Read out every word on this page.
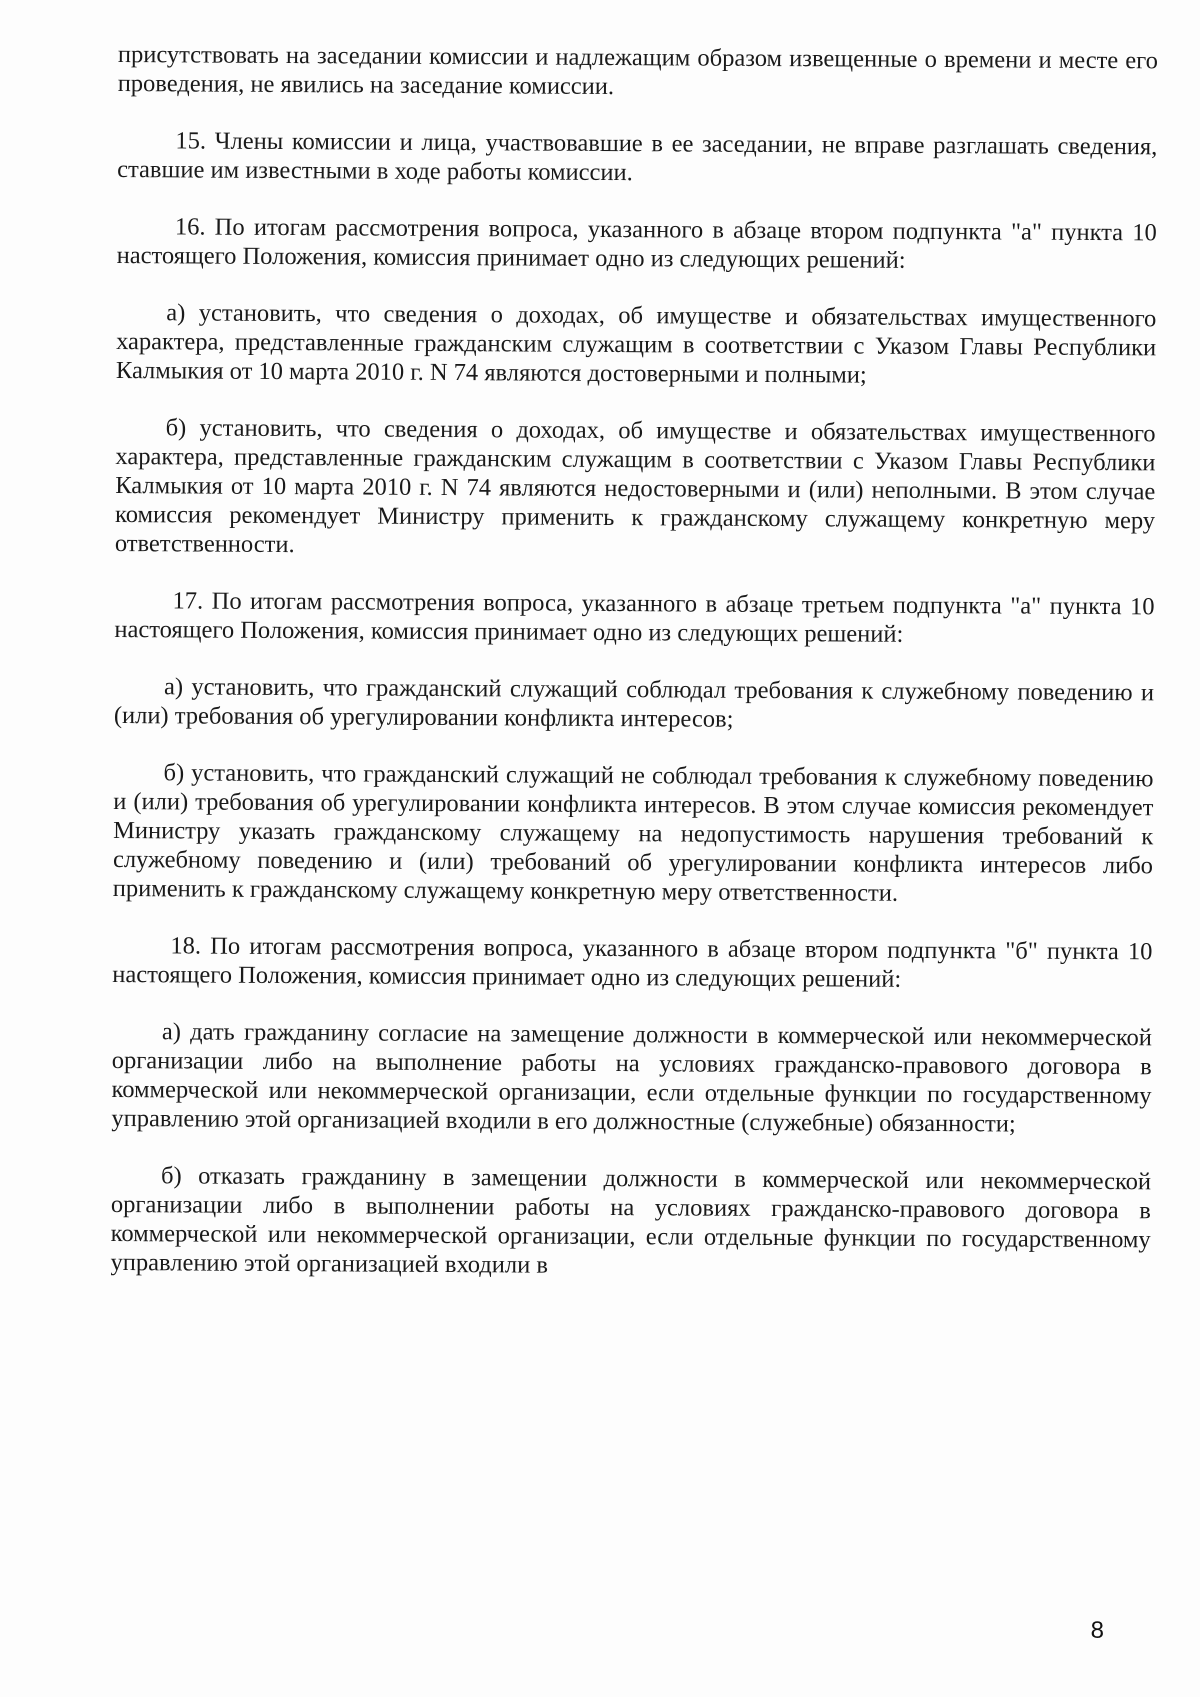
присутствовать на заседании комиссии и надлежащим образом извещенные о времени и месте его проведения, не явились на заседание комиссии.

15. Члены комиссии и лица, участвовавшие в ее заседании, не вправе разглашать сведения, ставшие им известными в ходе работы комиссии.

16. По итогам рассмотрения вопроса, указанного в абзаце втором подпункта "а" пункта 10 настоящего Положения, комиссия принимает одно из следующих решений:

а) установить, что сведения о доходах, об имуществе и обязательствах имущественного характера, представленные гражданским служащим в соответствии с Указом Главы Республики Калмыкия от 10 марта 2010 г. N 74 являются достоверными и полными;

б) установить, что сведения о доходах, об имуществе и обязательствах имущественного характера, представленные гражданским служащим в соответствии с Указом Главы Республики Калмыкия от 10 марта 2010 г. N 74 являются недостоверными и (или) неполными. В этом случае комиссия рекомендует Министру применить к гражданскому служащему конкретную меру ответственности.

17. По итогам рассмотрения вопроса, указанного в абзаце третьем подпункта "а" пункта 10 настоящего Положения, комиссия принимает одно из следующих решений:

а) установить, что гражданский служащий соблюдал требования к служебному поведению и (или) требования об урегулировании конфликта интересов;

б) установить, что гражданский служащий не соблюдал требования к служебному поведению и (или) требования об урегулировании конфликта интересов. В этом случае комиссия рекомендует Министру указать гражданскому служащему на недопустимость нарушения требований к служебному поведению и (или) требований об урегулировании конфликта интересов либо применить к гражданскому служащему конкретную меру ответственности.

18. По итогам рассмотрения вопроса, указанного в абзаце втором подпункта "б" пункта 10 настоящего Положения, комиссия принимает одно из следующих решений:

а) дать гражданину согласие на замещение должности в коммерческой или некоммерческой организации либо на выполнение работы на условиях гражданско-правового договора в коммерческой или некоммерческой организации, если отдельные функции по государственному управлению этой организацией входили в его должностные (служебные) обязанности;

б) отказать гражданину в замещении должности в коммерческой или некоммерческой организации либо в выполнении работы на условиях гражданско-правового договора в коммерческой или некоммерческой организации, если отдельные функции по государственному управлению этой организацией входили в

8
